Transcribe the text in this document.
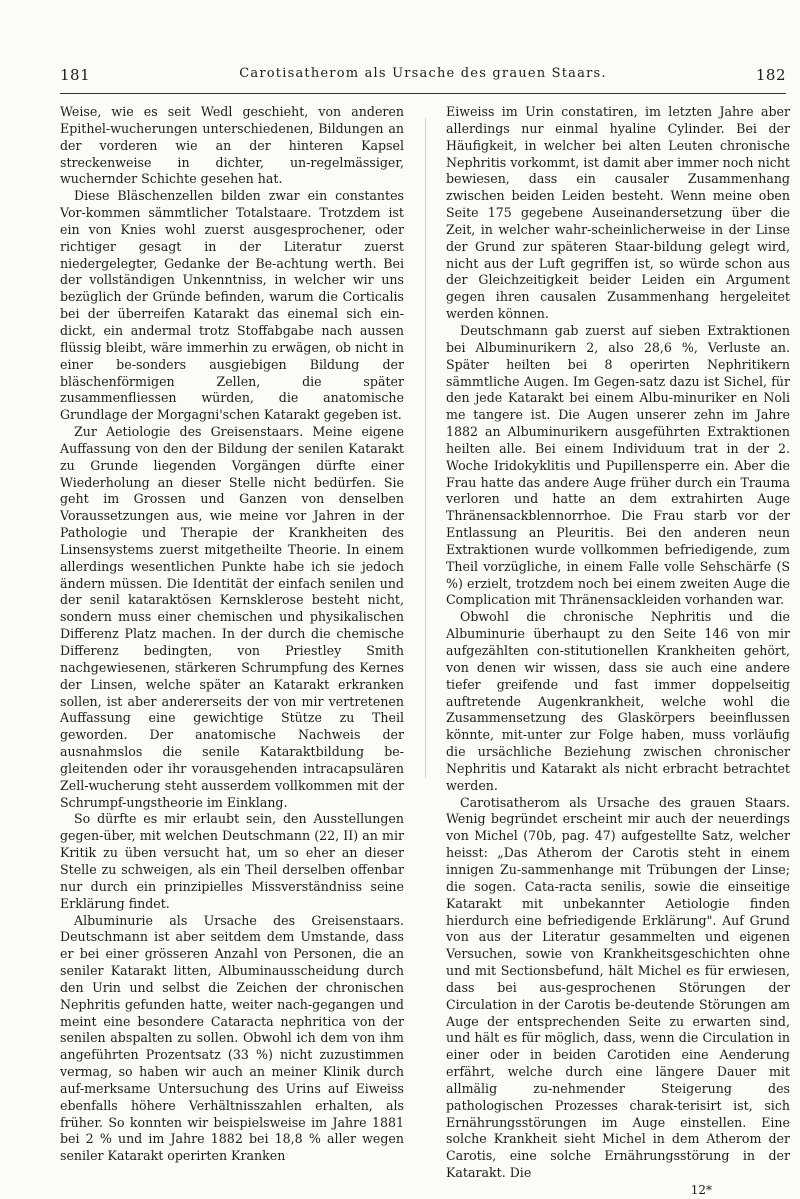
181	Carotisatherom als Ursache des grauen Staars.	182

Weise, wie es seit Wedl geschieht, von anderen Epithel-wucherungen unterschiedenen, Bildungen an der vorderen wie an der hinteren Kapsel streckenweise in dichter, un-regelmässiger, wuchernder Schichte gesehen hat.

Diese Bläschenzellen bilden zwar ein constantes Vor-kommen sämmtlicher Totalstaare. Trotzdem ist ein von Knies wohl zuerst ausgesprochener, oder richtiger gesagt in der Literatur zuerst niedergelegter, Gedanke der Be-achtung werth. Bei der vollständigen Unkenntniss, in welcher wir uns bezüglich der Gründe befinden, warum die Corticalis bei der überreifen Katarakt das einemal sich ein-dickt, ein andermal trotz Stoffabgabe nach aussen flüssig bleibt, wäre immerhin zu erwägen, ob nicht in einer be-sonders ausgiebigen Bildung der bläschenförmigen Zellen, die später zusammenfliessen würden, die anatomische Grundlage der Morgagni'schen Katarakt gegeben ist.

Zur Aetiologie des Greisenstaars. Meine eigene Auffassung von den der Bildung der senilen Katarakt zu Grunde liegenden Vorgängen dürfte einer Wiederholung an dieser Stelle nicht bedürfen. Sie geht im Grossen und Ganzen von denselben Voraussetzungen aus, wie meine vor Jahren in der Pathologie und Therapie der Krankheiten des Linsensystems zuerst mitgetheilte Theorie. In einem allerdings wesentlichen Punkte habe ich sie jedoch ändern müssen. Die Identität der einfach senilen und der senil kataraktösen Kernsklerose besteht nicht, sondern muss einer chemischen und physikalischen Differenz Platz machen. In der durch die chemische Differenz bedingten, von Priestley Smith nachgewiesenen, stärkeren Schrumpfung des Kernes der Linsen, welche später an Katarakt erkranken sollen, ist aber andererseits der von mir vertretenen Auffassung eine gewichtige Stütze zu Theil geworden. Der anatomische Nachweis der ausnahmslos die senile Kataraktbildung be-gleitenden oder ihr vorausgehenden intracapsulären Zell-wucherung steht ausserdem vollkommen mit der Schrumpf-ungstheorie im Einklang.

So dürfte es mir erlaubt sein, den Ausstellungen gegen-über, mit welchen Deutschmann (22, II) an mir Kritik zu üben versucht hat, um so eher an dieser Stelle zu schweigen, als ein Theil derselben offenbar nur durch ein prinzipielles Missverständniss seine Erklärung findet.

Albuminurie als Ursache des Greisenstaars. Deutschmann ist aber seitdem dem Umstande, dass er bei einer grösseren Anzahl von Personen, die an seniler Katarakt litten, Albuminausscheidung durch den Urin und selbst die Zeichen der chronischen Nephritis gefunden hatte, weiter nach-gegangen und meint eine besondere Cataracta nephritica von der senilen abspalten zu sollen. Obwohl ich dem von ihm angeführten Prozentsatz (33 %) nicht zuzustimmen vermag, so haben wir auch an meiner Klinik durch auf-merksame Untersuchung des Urins auf Eiweiss ebenfalls höhere Verhältnisszahlen erhalten, als früher. So konnten wir beispielsweise im Jahre 1881 bei 2 % und im Jahre 1882 bei 18,8 % aller wegen seniler Katarakt operirten Kranken

Eiweiss im Urin constatiren, im letzten Jahre aber allerdings nur einmal hyaline Cylinder. Bei der Häufigkeit, in welcher bei alten Leuten chronische Nephritis vorkommt, ist damit aber immer noch nicht bewiesen, dass ein causaler Zusammenhang zwischen beiden Leiden besteht. Wenn meine oben Seite 175 gegebene Auseinandersetzung über die Zeit, in welcher wahr-scheinlicherweise in der Linse der Grund zur späteren Staar-bildung gelegt wird, nicht aus der Luft gegriffen ist, so würde schon aus der Gleichzeitigkeit beider Leiden ein Argument gegen ihren causalen Zusammenhang hergeleitet werden können.

Deutschmann gab zuerst auf sieben Extraktionen bei Albuminurikern 2, also 28,6 %, Verluste an. Später heilten bei 8 operirten Nephritikern sämmtliche Augen. Im Gegen-satz dazu ist Sichel, für den jede Katarakt bei einem Albu-minuriker en Noli me tangere ist. Die Augen unserer zehn im Jahre 1882 an Albuminurikern ausgeführten Extraktionen heilten alle. Bei einem Individuum trat in der 2. Woche Iridokyklitis und Pupillensperre ein. Aber die Frau hatte das andere Auge früher durch ein Trauma verloren und hatte an dem extrahirten Auge Thränensackblennorrhoe. Die Frau starb vor der Entlassung an Pleuritis. Bei den anderen neun Extraktionen wurde vollkommen befriedigende, zum Theil vorzügliche, in einem Falle volle Sehschärfe (S %) erzielt, trotzdem noch bei einem zweiten Auge die Complication mit Thränensackleiden vorhanden war.

Obwohl die chronische Nephritis und die Albuminurie überhaupt zu den Seite 146 von mir aufgezählten con-stitutionellen Krankheiten gehört, von denen wir wissen, dass sie auch eine andere tiefer greifende und fast immer doppelseitig auftretende Augenkrankheit, welche wohl die Zusammensetzung des Glaskörpers beeinflussen könnte, mit-unter zur Folge haben, muss vorläufig die ursächliche Beziehung zwischen chronischer Nephritis und Katarakt als nicht erbracht betrachtet werden.

Carotisatherom als Ursache des grauen Staars. Wenig begründet erscheint mir auch der neuerdings von Michel (70b, pag. 47) aufgestellte Satz, welcher heisst: „Das Atherom der Carotis steht in einem innigen Zu-sammenhange mit Trübungen der Linse; die sogen. Cata-racta senilis, sowie die einseitige Katarakt mit unbekannter Aetiologie finden hierdurch eine befriedigende Erklärung". Auf Grund von aus der Literatur gesammelten und eigenen Versuchen, sowie von Krankheitsgeschichten ohne und mit Sectionsbefund, hält Michel es für erwiesen, dass bei aus-gesprochenen Störungen der Circulation in der Carotis be-deutende Störungen am Auge der entsprechenden Seite zu erwarten sind, und hält es für möglich, dass, wenn die Circulation in einer oder in beiden Carotiden eine Aenderung erfährt, welche durch eine längere Dauer mit allmälig zu-nehmender Steigerung des pathologischen Prozesses charak-terisirt ist, sich Ernährungsstörungen im Auge einstellen. Eine solche Krankheit sieht Michel in dem Atherom der Carotis, eine solche Ernährungsstörung in der Katarakt. Die

12*
